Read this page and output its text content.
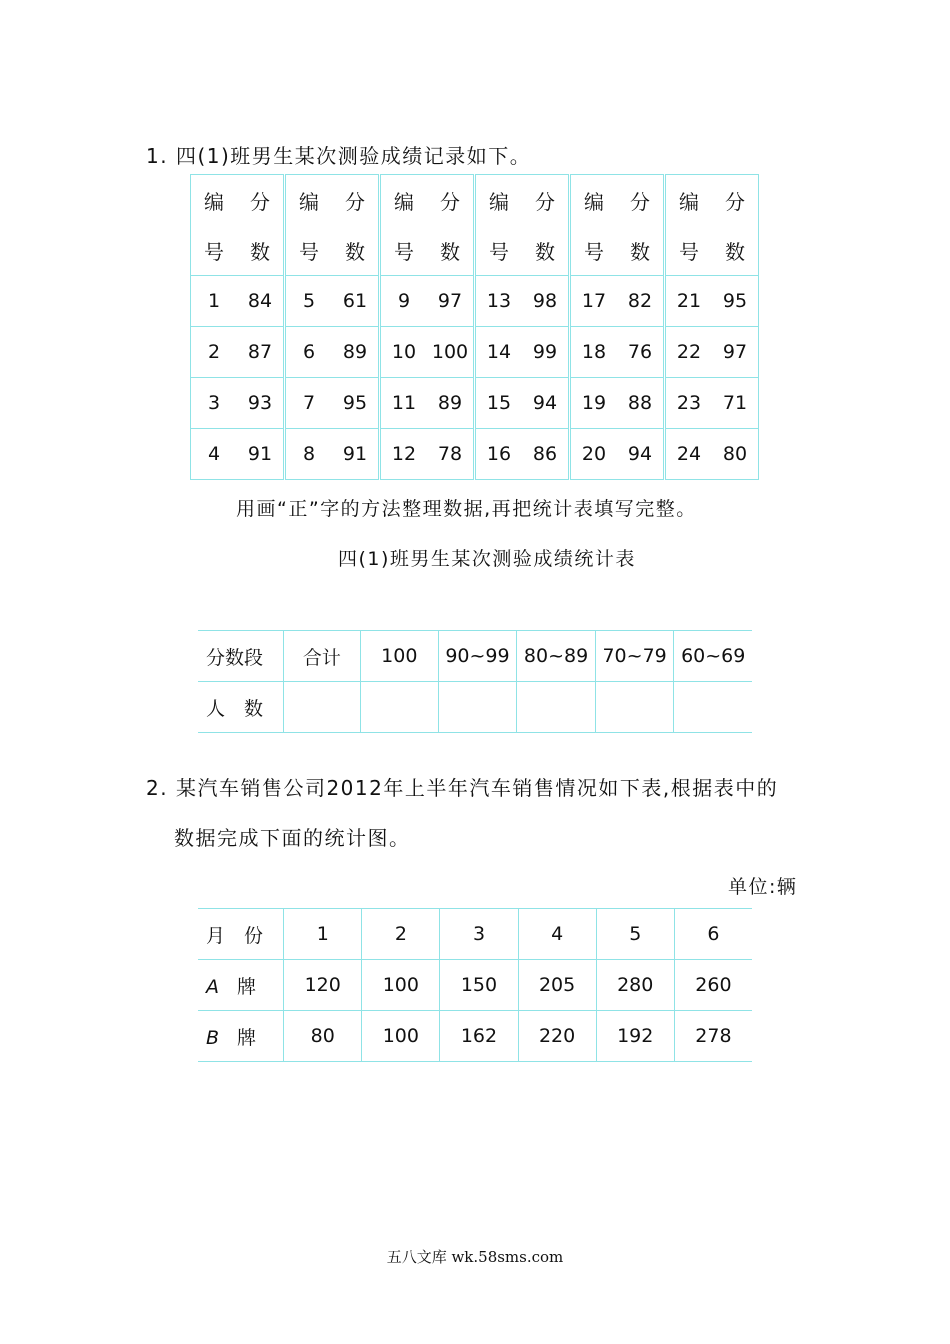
1. 四(1)班男生某次测验成绩记录如下。
编	分	编	分	编	分	编	分	编	分	编	分
号	数	号	数	号	数	号	数	号	数	号	数
1	84	5	61	9	97	13	98	17	82	21	95
2	87	6	89	10	100	14	99	18	76	22	97
3	93	7	95	11	89	15	94	19	88	23	71
4	91	8	91	12	78	16	86	20	94	24	80
用画“正”字的方法整理数据,再把统计表填写完整。
四(1)班男生某次测验成绩统计表
分数段	合计	100	90~99	80~89	70~79	60~69
人　数						
2. 某汽车销售公司2012年上半年汽车销售情况如下表,根据表中的
数据完成下面的统计图。
单位:辆
月　份	1	2	3	4	5	6
A 牌	120	100	150	205	280	260
B 牌	80	100	162	220	192	278
五八文库 wk.58sms.com
